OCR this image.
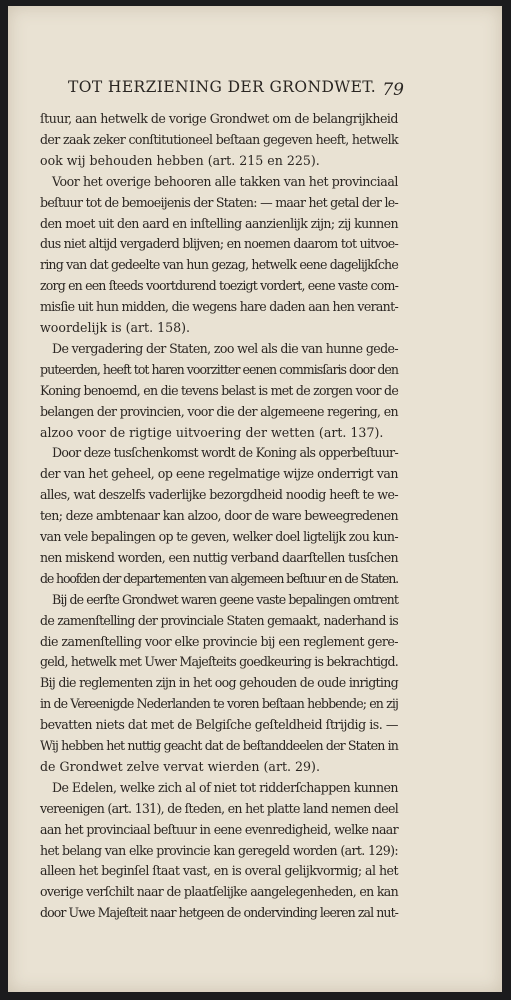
TOT HERZIENING DER GRONDWET. 79
ſtuur, aan hetwelk de vorige Grondwet om de belangrijkheid
der zaak zeker conſtitutioneel beſtaan gegeven heeft, hetwelk
ook wij behouden hebben (art. 215 en 225).
Voor het overige behooren alle takken van het provinciaal
beſtuur tot de bemoeijenis der Staten: — maar het getal der le-
den moet uit den aard en inſtelling aanzienlijk zijn; zij kunnen
dus niet altijd vergaderd blijven; en noemen daarom tot uitvoe-
ring van dat gedeelte van hun gezag, hetwelk eene dagelijkſche
zorg en een ſteeds voortdurend toezigt vordert, eene vaste com-
misſie uit hun midden, die wegens hare daden aan hen verant-
woordelijk is (art. 158).
De vergadering der Staten, zoo wel als die van hunne gede-
puteerden, heeft tot haren voorzitter eenen commisſaris door den
Koning benoemd, en die tevens belast is met de zorgen voor de
belangen der provincien, voor die der algemeene regering, en
alzoo voor de rigtige uitvoering der wetten (art. 137).
Door deze tusſchenkomst wordt de Koning als opperbeſtuur-
der van het geheel, op eene regelmatige wijze onderrigt van
alles, wat deszelfs vaderlijke bezorgdheid noodig heeft te we-
ten; deze ambtenaar kan alzoo, door de ware beweegredenen
van vele bepalingen op te geven, welker doel ligtelijk zou kun-
nen miskend worden, een nuttig verband daarſtellen tusſchen
de hoofden der departementen van algemeen beſtuur en de Staten.
Bij de eerſte Grondwet waren geene vaste bepalingen omtrent
de zamenſtelling der provinciale Staten gemaakt, naderhand is
die zamenſtelling voor elke provincie bij een reglement gere-
geld, hetwelk met Uwer Majeſteits goedkeuring is bekrachtigd.
Bij die reglementen zijn in het oog gehouden de oude inrigting
in de Vereenigde Nederlanden te voren beſtaan hebbende; en zij
bevatten niets dat met de Belgiſche geſteldheid ſtrijdig is. —
Wij hebben het nuttig geacht dat de beſtanddeelen der Staten in
de Grondwet zelve vervat wierden (art. 29).
De Edelen, welke zich al of niet tot ridderſchappen kunnen
vereenigen (art. 131), de ſteden, en het platte land nemen deel
aan het provinciaal beſtuur in eene evenredigheid, welke naar
het belang van elke provincie kan geregeld worden (art. 129):
alleen het beginſel ſtaat vast, en is overal gelijkvormig; al het
overige verſchilt naar de plaatſelijke aangelegenheden, en kan
door Uwe Majeſteit naar hetgeen de ondervinding leeren zal nut-
